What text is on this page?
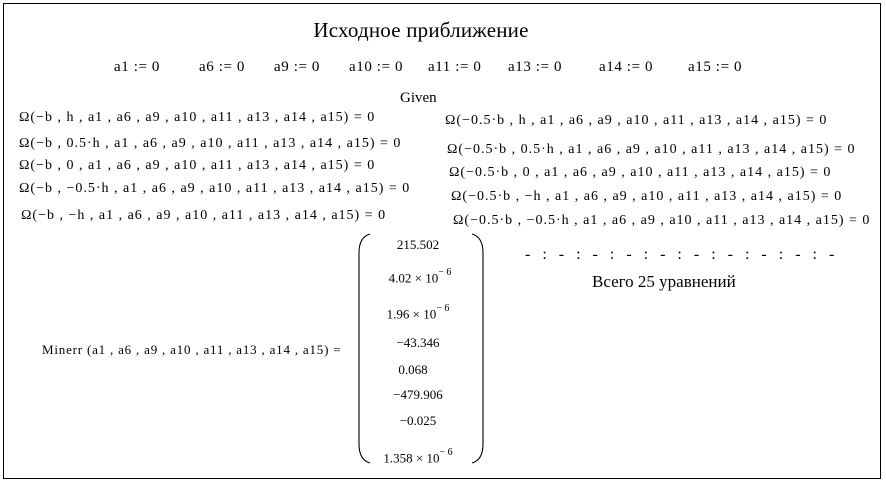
Исходное приближение
a1 := 0	a6 := 0 a9 := 0 a10 := 0 a11 := 0 a13 := 0 a14 := 0 a15 := 0
Given
Ω(−b , h , a1 , a6 , a9 , a10 , a11 , a13 , a14 , a15) = 0
Ω(−b , 0.5·h , a1 , a6 , a9 , a10 , a11 , a13 , a14 , a15) = 0
Ω(−b , 0 , a1 , a6 , a9 , a10 , a11 , a13 , a14 , a15) = 0
Ω(−b , −0.5·h , a1 , a6 , a9 , a10 , a11 , a13 , a14 , a15) = 0
Ω(−b , −h , a1 , a6 , a9 , a10 , a11 , a13 , a14 , a15) = 0
Ω(−0.5·b , h , a1 , a6 , a9 , a10 , a11 , a13 , a14 , a15) = 0
Ω(−0.5·b , 0.5·h , a1 , a6 , a9 , a10 , a11 , a13 , a14 , a15) = 0
Ω(−0.5·b , 0 , a1 , a6 , a9 , a10 , a11 , a13 , a14 , a15) = 0
Ω(−0.5·b , −h , a1 , a6 , a9 , a10 , a11 , a13 , a14 , a15) = 0
Ω(−0.5·b , −0.5·h , a1 , a6 , a9 , a10 , a11 , a13 , a14 , a15) = 0
- : - : - : - : - : - : - : - : - : -
Всего 25 уравнений
Minerr (a1 , a6 , a9 , a10 , a11 , a13 , a14 , a15) =
215.502
$4.02 \times 10^{- 6}$
$1.96 \times 10^{- 6}$
−43.346
0.068
−479.906
−0.025
$1.358 \times 10^{- 6}$
